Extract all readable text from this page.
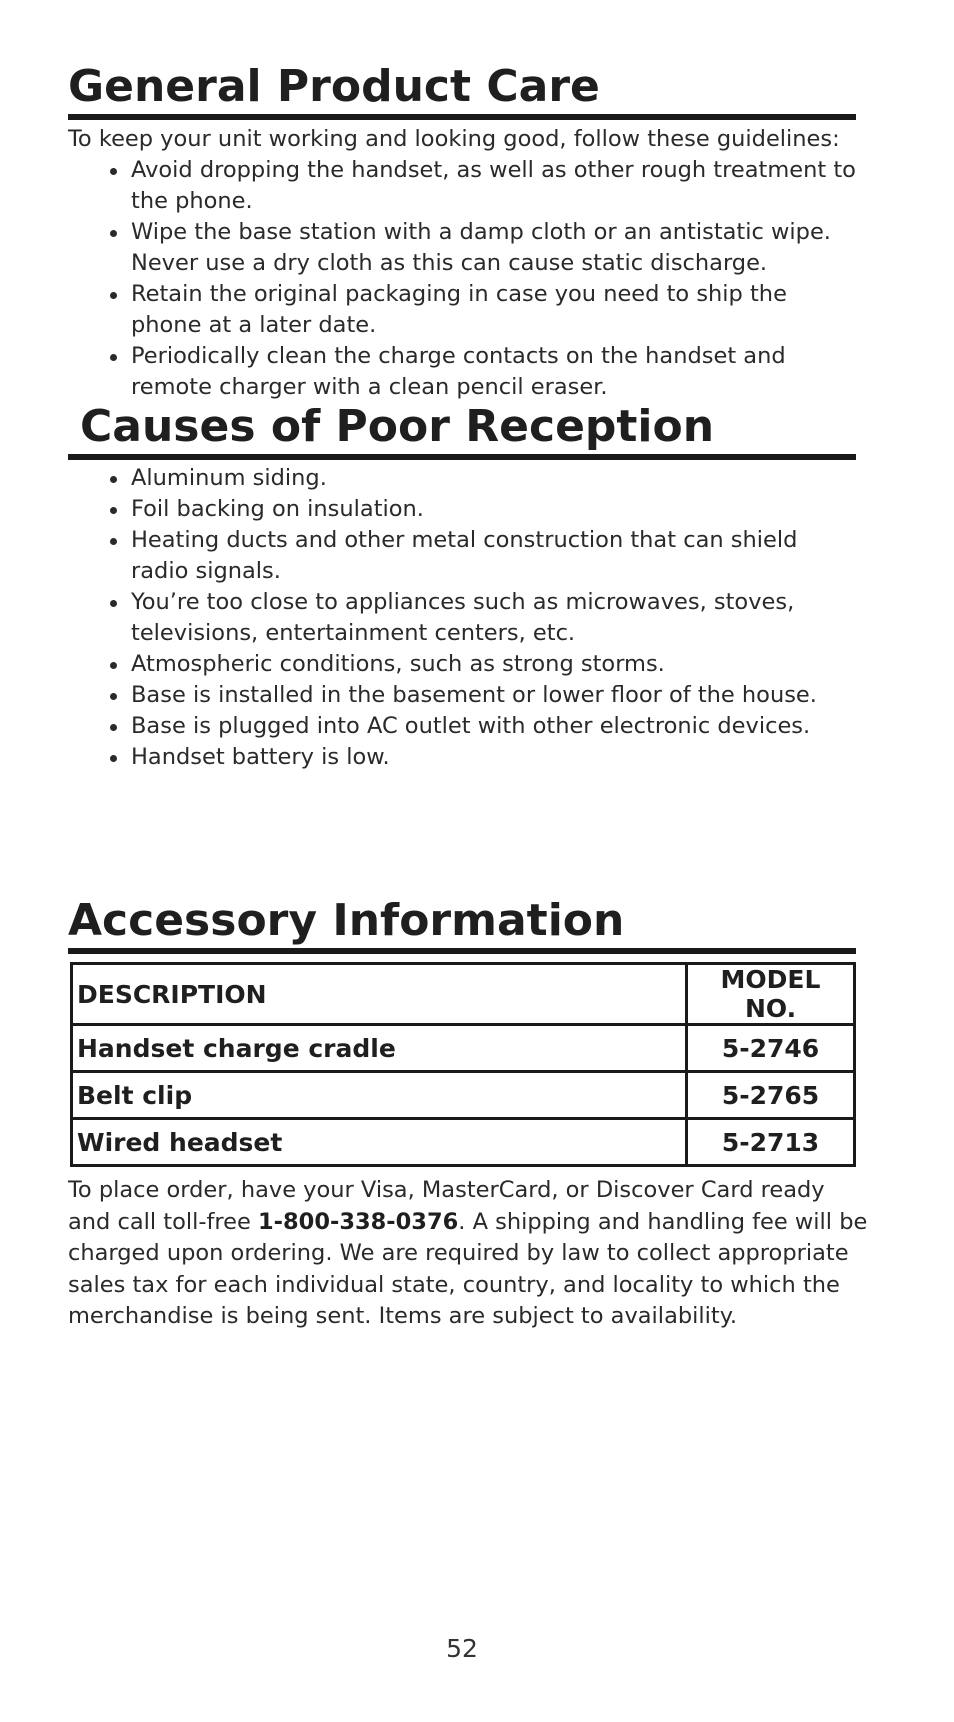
General Product Care

To keep your unit working and looking good, follow these guidelines:

Avoid dropping the handset, as well as other rough treatment to the phone.
Wipe the base station with a damp cloth or an antistatic wipe. Never use a dry cloth as this can cause static discharge.
Retain the original packaging in case you need to ship the phone at a later date.
Periodically clean the charge contacts on the handset and remote charger with a clean pencil eraser.
Causes of Poor Reception
Aluminum siding.
Foil backing on insulation.
Heating ducts and other metal construction that can shield radio signals.
You’re too close to appliances such as microwaves, stoves, televisions, entertainment centers, etc.
Atmospheric conditions, such as strong storms.
Base is installed in the basement or lower floor of the house.
Base is plugged into AC outlet with other electronic devices.
Handset battery is low.
Accessory Information
DESCRIPTION	MODEL NO.
Handset charge cradle	5-2746
Belt clip	5-2765
Wired headset	5-2713

To place order, have your Visa, MasterCard, or Discover Card ready and call toll-free 1-800-338-0376. A shipping and handling fee will be charged upon ordering. We are required by law to collect appropriate sales tax for each individual state, country, and locality to which the merchandise is being sent. Items are subject to availability.

52
